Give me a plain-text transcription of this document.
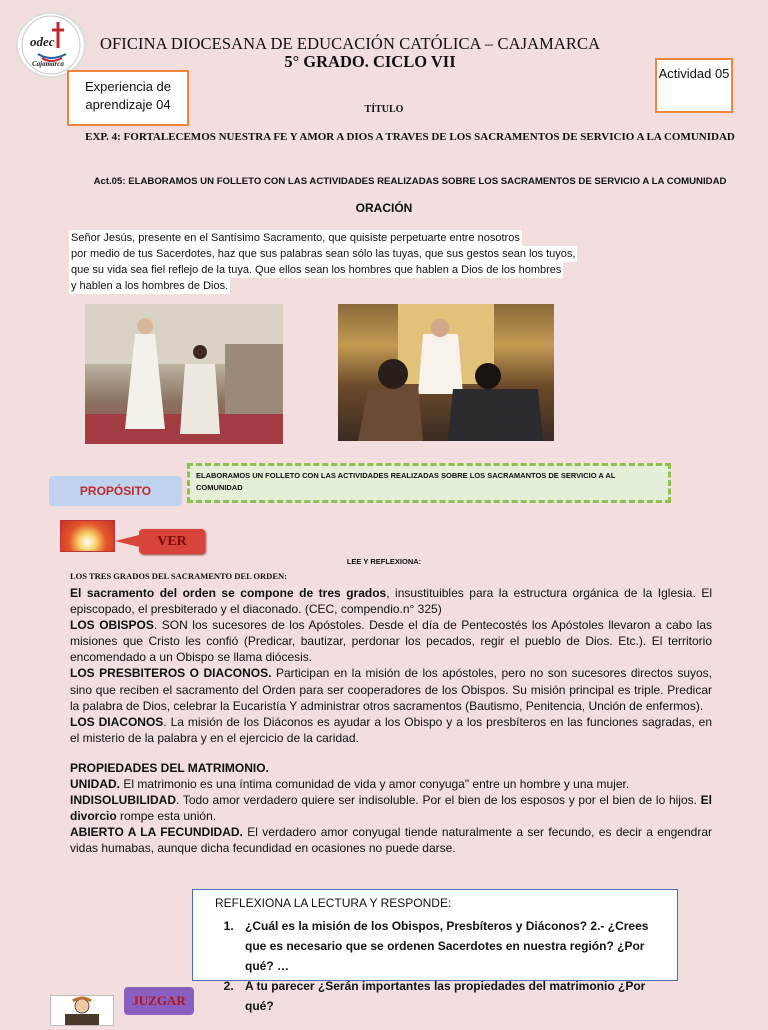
odec
Cajamarca
OFICINA DIOCESANA DE EDUCACIÓN CATÓLICA – CAJAMARCA
5° GRADO. CICLO VII
Experiencia de aprendizaje 04
Actividad 05
TÍTULO
EXP. 4: FORTALECEMOS NUESTRA FE Y AMOR A DIOS A TRAVES DE LOS SACRAMENTOS DE SERVICIO A LA COMUNIDAD
Act.05: ELABORAMOS UN FOLLETO CON LAS ACTIVIDADES REALIZADAS SOBRE LOS SACRAMENTOS DE SERVICIO A LA COMUNIDAD
ORACIÓN
Señor Jesús, presente en el Santísimo Sacramento, que quisiste perpetuarte entre nosotros
por medio de tus Sacerdotes, haz que sus palabras sean sólo las tuyas, que sus gestos sean los tuyos,
que su vida sea fiel reflejo de la tuya. Que ellos sean los hombres que hablen a Dios de los hombres
y hablen a los hombres de Dios.
PROPÓSITO
ELABORAMOS UN FOLLETO CON LAS ACTIVIDADES REALIZADAS SOBRE LOS SACRAMANTOS DE SERVICIO A AL COMUNIDAD
VER
LEE Y REFLEXIONA:
LOS TRES GRADOS DEL SACRAMENTO DEL ORDEN:

El sacramento del orden se compone de tres grados, insustituibles para la estructura orgánica de la Iglesia. El episcopado, el presbiterado y el diaconado. (CEC, compendio.n° 325)

LOS OBISPOS. SON los sucesores de los Apóstoles. Desde el día de Pentecostés los Apóstoles llevaron a cabo las misiones que Cristo les confió (Predicar, bautizar, perdonar los pecados, regir el pueblo de Dios. Etc.). El territorio encomendado a un Obispo se llama diócesis.

LOS PRESBITEROS O DIACONOS. Participan en la misión de los apóstoles, pero no son sucesores directos suyos, sino que reciben el sacramento del Orden para ser cooperadores de los Obispos. Su misión principal es triple. Predicar la palabra de Dios, celebrar la Eucaristía Y administrar otros sacramentos (Bautismo, Penitencia, Unción de enfermos).

LOS DIACONOS. La misión de los Diáconos es ayudar a los Obispo y a los presbíteros en las funciones sagradas, en el misterio de la palabra y en el ejercicio de la caridad.

PROPIEDADES DEL MATRIMONIO.

UNIDAD. El matrimonio es una íntima comunidad de vida y amor conyuga" entre un hombre y una mujer.

INDISOLUBILIDAD. Todo amor verdadero quiere ser indisoluble. Por el bien de los esposos y por el bien de lo hijos. El divorcio rompe esta unión.

ABIERTO A LA FECUNDIDAD. El verdadero amor conyugal tiende naturalmente a ser fecundo, es decir a engendrar vidas humabas, aunque dicha fecundidad en ocasiones no puede darse.

REFLEXIONA LA LECTURA Y RESPONDE:
1. ¿Cuál es la misión de los Obispos, Presbíteros y Diáconos? 2.- ¿Crees que es necesario que se ordenen Sacerdotes en nuestra región? ¿Por qué? …
2. A tu parecer ¿Serán importantes las propiedades del matrimonio ¿Por qué?
JUZGAR
